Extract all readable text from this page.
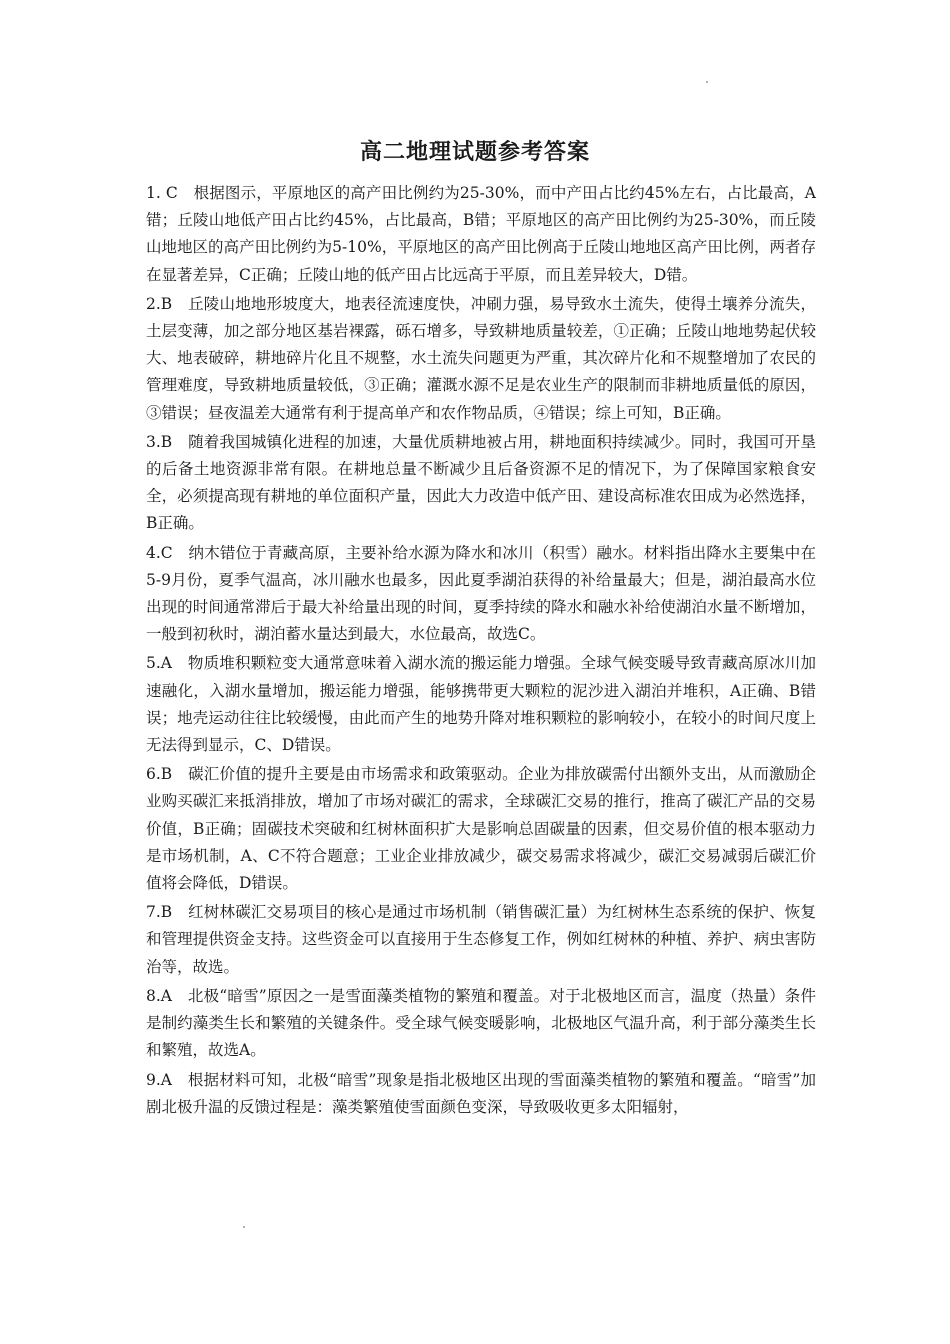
高二地理试题参考答案

1. C　根据图示，平原地区的高产田比例约为25-30%，而中产田占比约45%左右，占比最高，A错；丘陵山地低产田占比约45%，占比最高，B错；平原地区的高产田比例约为25-30%，而丘陵山地地区的高产田比例约为5-10%，平原地区的高产田比例高于丘陵山地地区高产田比例，两者存在显著差异，C正确；丘陵山地的低产田占比远高于平原，而且差异较大，D错。

2.B　丘陵山地地形坡度大，地表径流速度快，冲刷力强，易导致水土流失，使得土壤养分流失，土层变薄，加之部分地区基岩裸露，砾石增多，导致耕地质量较差，①正确；丘陵山地地势起伏较大、地表破碎，耕地碎片化且不规整，水土流失问题更为严重，其次碎片化和不规整增加了农民的管理难度，导致耕地质量较低，③正确；灌溉水源不足是农业生产的限制而非耕地质量低的原因，③错误；昼夜温差大通常有利于提高单产和农作物品质，④错误；综上可知，B正确。

3.B　随着我国城镇化进程的加速，大量优质耕地被占用，耕地面积持续减少。同时，我国可开垦的后备土地资源非常有限。在耕地总量不断减少且后备资源不足的情况下，为了保障国家粮食安全，必须提高现有耕地的单位面积产量，因此大力改造中低产田、建设高标准农田成为必然选择，B正确。

4.C　纳木错位于青藏高原，主要补给水源为降水和冰川（积雪）融水。材料指出降水主要集中在5-9月份，夏季气温高，冰川融水也最多，因此夏季湖泊获得的补给量最大；但是，湖泊最高水位出现的时间通常滞后于最大补给量出现的时间，夏季持续的降水和融水补给使湖泊水量不断增加，一般到初秋时，湖泊蓄水量达到最大，水位最高，故选C。

5.A　物质堆积颗粒变大通常意味着入湖水流的搬运能力增强。全球气候变暖导致青藏高原冰川加速融化，入湖水量增加，搬运能力增强，能够携带更大颗粒的泥沙进入湖泊并堆积，A正确、B错误；地壳运动往往比较缓慢，由此而产生的地势升降对堆积颗粒的影响较小，在较小的时间尺度上无法得到显示，C、D错误。

6.B　碳汇价值的提升主要是由市场需求和政策驱动。企业为排放碳需付出额外支出，从而激励企业购买碳汇来抵消排放，增加了市场对碳汇的需求，全球碳汇交易的推行，推高了碳汇产品的交易价值，B正确；固碳技术突破和红树林面积扩大是影响总固碳量的因素，但交易价值的根本驱动力是市场机制，A、C不符合题意；工业企业排放减少，碳交易需求将减少，碳汇交易减弱后碳汇价值将会降低，D错误。

7.B　红树林碳汇交易项目的核心是通过市场机制（销售碳汇量）为红树林生态系统的保护、恢复和管理提供资金支持。这些资金可以直接用于生态修复工作，例如红树林的种植、养护、病虫害防治等，故选。

8.A　北极“暗雪”原因之一是雪面藻类植物的繁殖和覆盖。对于北极地区而言，温度（热量）条件是制约藻类生长和繁殖的关键条件。受全球气候变暖影响，北极地区气温升高，利于部分藻类生长和繁殖，故选A。

9.A　根据材料可知，北极“暗雪”现象是指北极地区出现的雪面藻类植物的繁殖和覆盖。“暗雪”加剧北极升温的反馈过程是：藻类繁殖使雪面颜色变深，导致吸收更多太阳辐射，
